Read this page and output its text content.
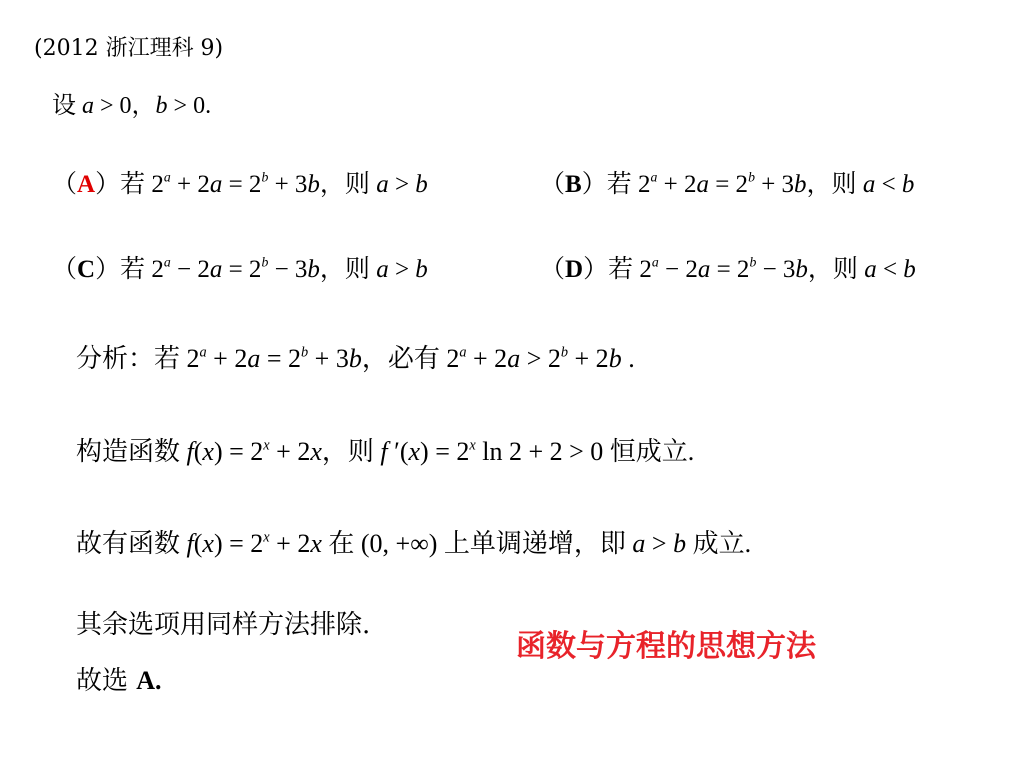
(2012 浙江理科 9)
设 a > 0，b > 0.
（A）若 $2^a + 2a = 2^b + 3b$，则 a > b	（B）若 $2^a + 2a = 2^b + 3b$，则 a < b
（C）若 $2^a - 2a = 2^b - 3b$，则 a > b	（D）若 $2^a - 2a = 2^b - 3b$，则 a < b
分析：若 $2^a + 2a = 2^b + 3b$，必有 $2^a + 2a > 2^b + 2b$ .
构造函数 $f(x) = 2^x + 2x$，则 f $'(x) = 2^x$ ln 2 + 2 > 0 恒成立.
故有函数 $f(x) = 2^x + 2x$ 在 (0, +∞) 上单调递增，即 a > b 成立.
其余选项用同样方法排除.
故选 A.
函数与方程的思想方法
